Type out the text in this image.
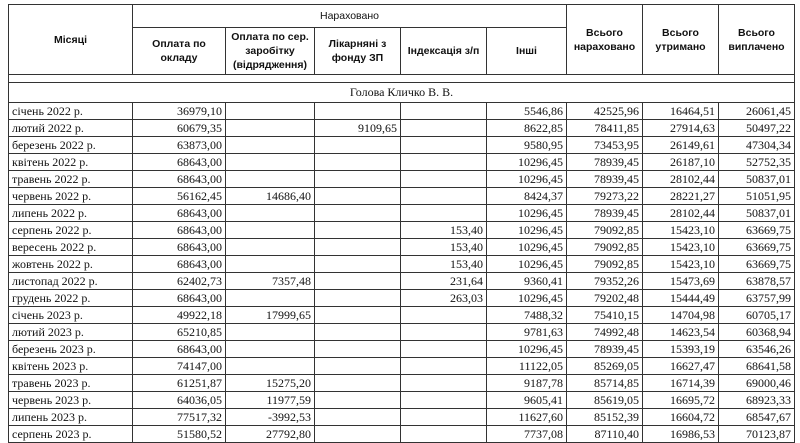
Місяці	Нараховано					Всього нараховано	Всього утримано	Всього виплачено
	Оплата по окладу	Оплата по сер. заробітку (відрядження)	Лікарняні з фонду ЗП	Індексація з/п	Інші			

Голова Кличко В. В.								
січень 2022 р.	36979,10				5546,86	42525,96	16464,51	26061,45
лютий 2022 р.	60679,35		9109,65		8622,85	78411,85	27914,63	50497,22
березень 2022 р.	63873,00				9580,95	73453,95	26149,61	47304,34
квітень 2022 р.	68643,00				10296,45	78939,45	26187,10	52752,35
травень 2022 р.	68643,00				10296,45	78939,45	28102,44	50837,01
червень 2022 р.	56162,45	14686,40			8424,37	79273,22	28221,27	51051,95
липень 2022 р.	68643,00				10296,45	78939,45	28102,44	50837,01
серпень 2022 р.	68643,00			153,40	10296,45	79092,85	15423,10	63669,75
вересень 2022 р.	68643,00			153,40	10296,45	79092,85	15423,10	63669,75
жовтень 2022 р.	68643,00			153,40	10296,45	79092,85	15423,10	63669,75
листопад 2022 р.	62402,73	7357,48		231,64	9360,41	79352,26	15473,69	63878,57
грудень 2022 р.	68643,00			263,03	10296,45	79202,48	15444,49	63757,99
січень 2023 р.	49922,18	17999,65			7488,32	75410,15	14704,98	60705,17
лютий 2023 р.	65210,85				9781,63	74992,48	14623,54	60368,94
березень 2023 р.	68643,00				10296,45	78939,45	15393,19	63546,26
квітень 2023 р.	74147,00				11122,05	85269,05	16627,47	68641,58
травень 2023 р.	61251,87	15275,20			9187,78	85714,85	16714,39	69000,46
червень 2023 р.	64036,05	11977,59			9605,41	85619,05	16695,72	68923,33
липень 2023 р.	77517,32	-3992,53			11627,60	85152,39	16604,72	68547,67
серпень 2023 р.	51580,52	27792,80			7737,08	87110,40	16986,53	70123,87
